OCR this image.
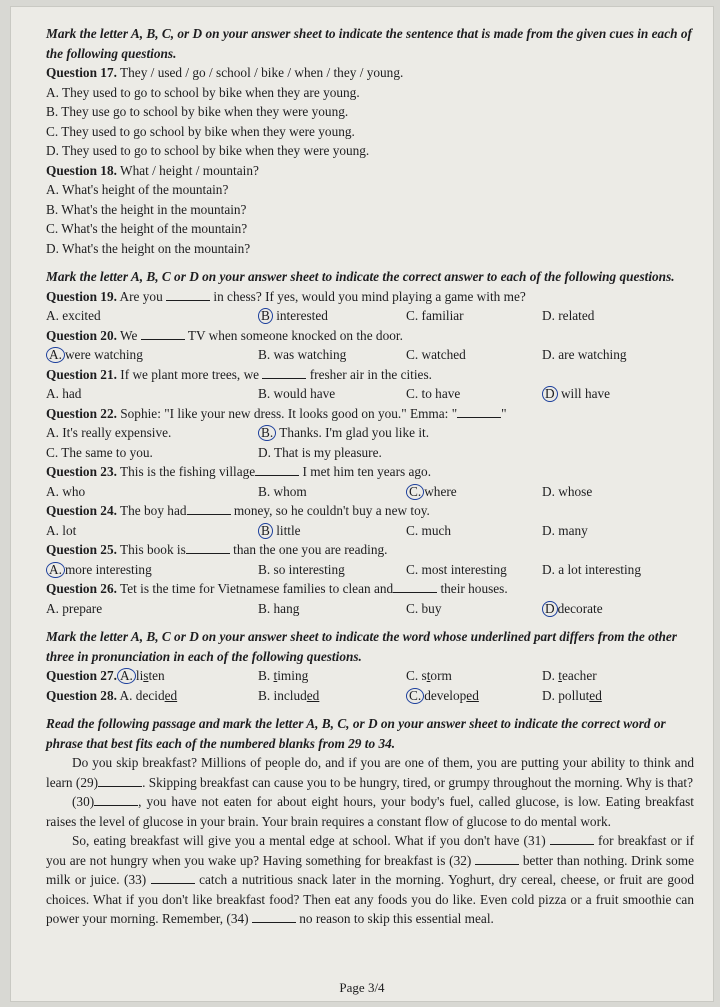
Mark the letter A, B, C, or D on your answer sheet to indicate the sentence that is made from the given cues in each of the following questions.

Question 17. They / used / go / school / bike / when / they / young.
A. They used to go to school by bike when they are young.
B. They use go to school by bike when they were young.
C. They used to go school by bike when they were young.
D. They used to go to school by bike when they were young.
Question 18. What / height / mountain?
A. What's height of the mountain?
B. What's the height in the mountain?
C. What's the height of the mountain?
D. What's the height on the mountain?

Mark the letter A, B, C or D on your answer sheet to indicate the correct answer to each of the following questions.

Question 19. Are you	in chess? If yes, would you mind playing a game with me?
A. excited	B interested	C. familiar	D. related
Question 20. We	TV when someone knocked on the door.
A. were watching	B. was watching	C. watched	D. are watching
Question 21. If we plant more trees, we	fresher air in the cities.
A. had	B. would have	C. to have	D will have
Question 22. Sophie: "I like your new dress. It looks good on you." Emma: "	"
A. It's really expensive.	B. Thanks. I'm glad you like it.
C. The same to you.	D. That is my pleasure.
Question 23. This is the fishing village	I met him ten years ago.
A. who	B. whom	C. where	D. whose
Question 24. The boy had	money, so he couldn't buy a new toy.
A. lot	B little	C. much	D. many
Question 25. This book is	than the one you are reading.
A. more interesting	B. so interesting	C. most interesting	D. a lot interesting
Question 26. Tet is the time for Vietnamese families to clean and	their houses.
A. prepare	B. hang	C. buy	D decorate

Mark the letter A, B, C or D on your answer sheet to indicate the word whose underlined part differs from the other three in pronunciation in each of the following questions.

Question 27. A. listen	B. timing	C. storm	D. teacher
Question 28. A. decided	B. included	C. developed	D. polluted

Read the following passage and mark the letter A, B, C, or D on your answer sheet to indicate the correct word or phrase that best fits each of the numbered blanks from 29 to 34.

Do you skip breakfast? Millions of people do, and if you are one of them, you are putting your ability to think and learn (29)	. Skipping breakfast can cause you to be hungry, tired, or grumpy throughout the morning. Why is that?

(30)	, you have not eaten for about eight hours, your body's fuel, called glucose, is low. Eating breakfast raises the level of glucose in your brain. Your brain requires a constant flow of glucose to do mental work.

So, eating breakfast will give you a mental edge at school. What if you don't have (31)	for breakfast or if you are not hungry when you wake up? Having something for breakfast is (32)	better than nothing. Drink some milk or juice. (33)	catch a nutritious snack later in the morning. Yoghurt, dry cereal, cheese, or fruit are good choices. What if you don't like breakfast food? Then eat any foods you do like. Even cold pizza or a fruit smoothie can power your morning. Remember, (34)	no reason to skip this essential meal.

Page 3/4
